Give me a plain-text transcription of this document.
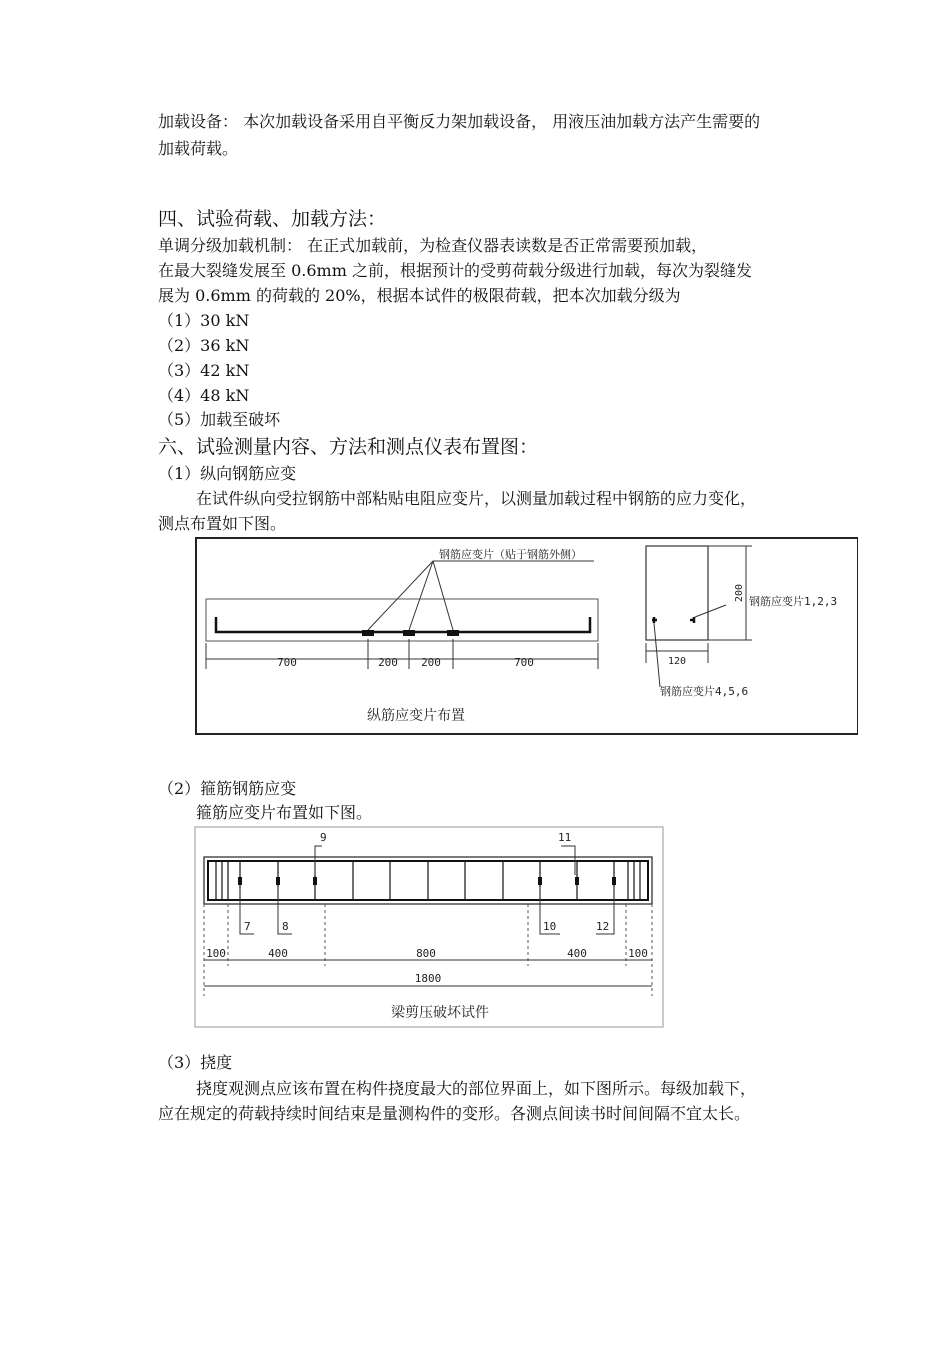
加载设备： 本次加载设备采用自平衡反力架加载设备， 用液压油加载方法产生需要的
加载荷载。
四、试验荷载、加载方法：
单调分级加载机制： 在正式加载前，为检查仪器表读数是否正常需要预加载，
在最大裂缝发展至 0.6mm 之前，根据预计的受剪荷载分级进行加载，每次为裂缝发
展为 0.6mm 的荷载的 20%，根据本试件的极限荷载，把本次加载分级为
（1）30 kN
（2）36 kN
（3）42 kN
（4）48 kN
（5）加载至破坏
六、试验测量内容、方法和测点仪表布置图：
（1）纵向钢筋应变
在试件纵向受拉钢筋中部粘贴电阻应变片，以测量加载过程中钢筋的应力变化，
测点布置如下图。
钢筋应变片（贴于钢筋外侧）
700	200 200	700
纵筋应变片布置
200 钢筋应变片1,2,3
120
钢筋应变片4,5,6
（2）箍筋钢筋应变
箍筋应变片布置如下图。
9	11
7	8	10	12
100	400	800	400	100
1800
梁剪压破坏试件
（3）挠度
挠度观测点应该布置在构件挠度最大的部位界面上，如下图所示。每级加载下，
应在规定的荷载持续时间结束是量测构件的变形。各测点间读书时间间隔不宜太长。
